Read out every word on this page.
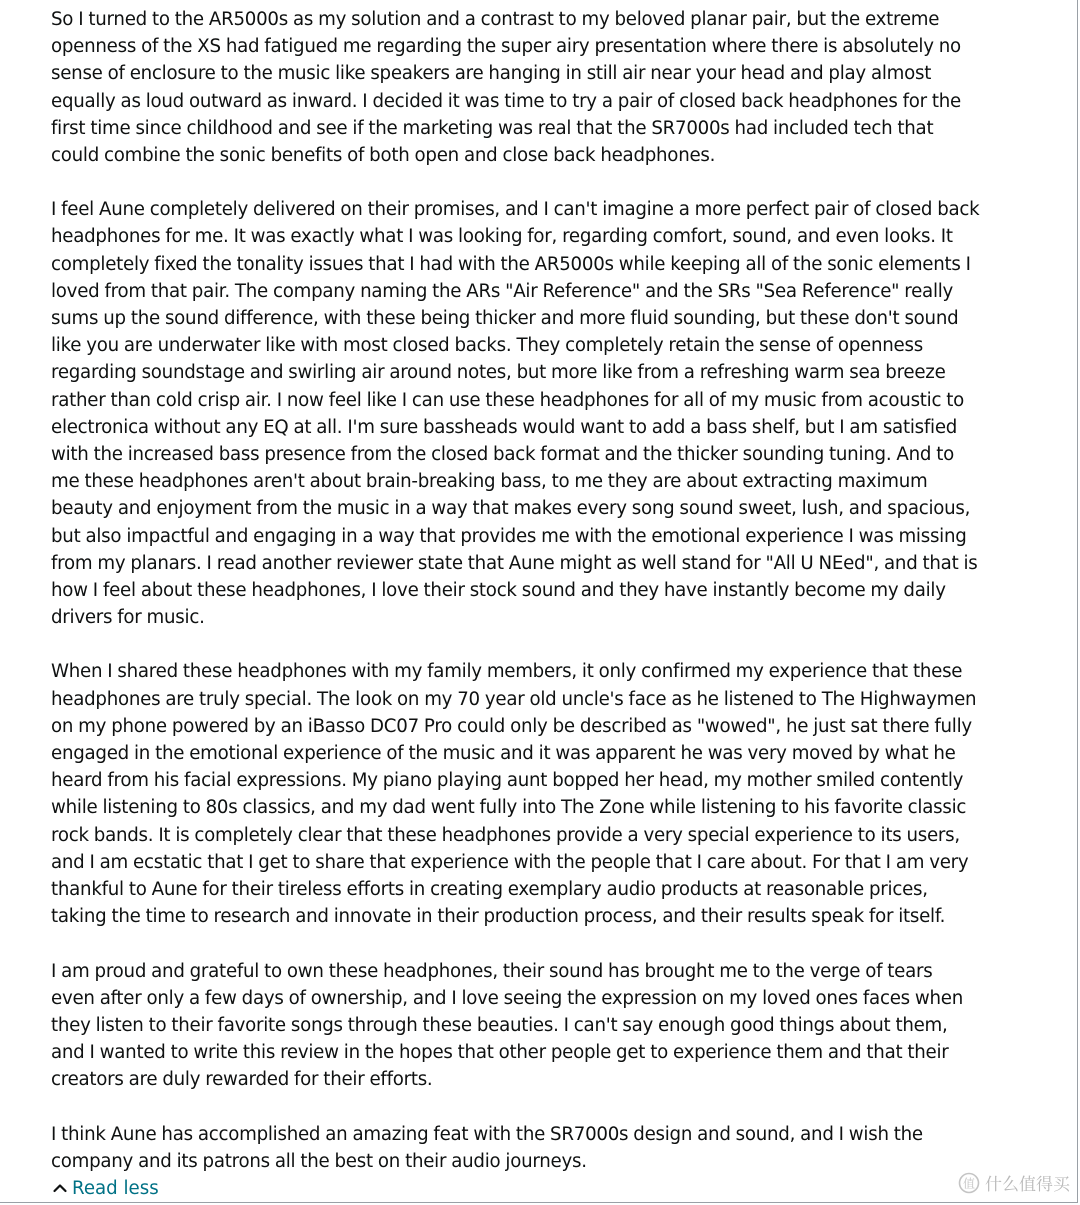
So I turned to the AR5000s as my solution and a contrast to my beloved planar pair, but the extreme openness of the XS had fatigued me regarding the super airy presentation where there is absolutely no sense of enclosure to the music like speakers are hanging in still air near your head and play almost equally as loud outward as inward. I decided it was time to try a pair of closed back headphones for the first time since childhood and see if the marketing was real that the SR7000s had included tech that could combine the sonic benefits of both open and close back headphones.

I feel Aune completely delivered on their promises, and I can't imagine a more perfect pair of closed back headphones for me. It was exactly what I was looking for, regarding comfort, sound, and even looks. It completely fixed the tonality issues that I had with the AR5000s while keeping all of the sonic elements I loved from that pair. The company naming the ARs "Air Reference" and the SRs "Sea Reference" really sums up the sound difference, with these being thicker and more fluid sounding, but these don't sound like you are underwater like with most closed backs. They completely retain the sense of openness regarding soundstage and swirling air around notes, but more like from a refreshing warm sea breeze rather than cold crisp air. I now feel like I can use these headphones for all of my music from acoustic to electronica without any EQ at all. I'm sure bassheads would want to add a bass shelf, but I am satisfied with the increased bass presence from the closed back format and the thicker sounding tuning. And to me these headphones aren't about brain-breaking bass, to me they are about extracting maximum beauty and enjoyment from the music in a way that makes every song sound sweet, lush, and spacious, but also impactful and engaging in a way that provides me with the emotional experience I was missing from my planars. I read another reviewer state that Aune might as well stand for "All U NEed", and that is how I feel about these headphones, I love their stock sound and they have instantly become my daily drivers for music.

When I shared these headphones with my family members, it only confirmed my experience that these headphones are truly special. The look on my 70 year old uncle's face as he listened to The Highwaymen on my phone powered by an iBasso DC07 Pro could only be described as "wowed", he just sat there fully engaged in the emotional experience of the music and it was apparent he was very moved by what he heard from his facial expressions. My piano playing aunt bopped her head, my mother smiled contently while listening to 80s classics, and my dad went fully into The Zone while listening to his favorite classic rock bands. It is completely clear that these headphones provide a very special experience to its users, and I am ecstatic that I get to share that experience with the people that I care about. For that I am very thankful to Aune for their tireless efforts in creating exemplary audio products at reasonable prices, taking the time to research and innovate in their production process, and their results speak for itself.

I am proud and grateful to own these headphones, their sound has brought me to the verge of tears even after only a few days of ownership, and I love seeing the expression on my loved ones faces when they listen to their favorite songs through these beauties. I can't say enough good things about them, and I wanted to write this review in the hopes that other people get to experience them and that their creators are duly rewarded for their efforts.

I think Aune has accomplished an amazing feat with the SR7000s design and sound, and I wish the company and its patrons all the best on their audio journeys.

Read less	值 什么值得买
